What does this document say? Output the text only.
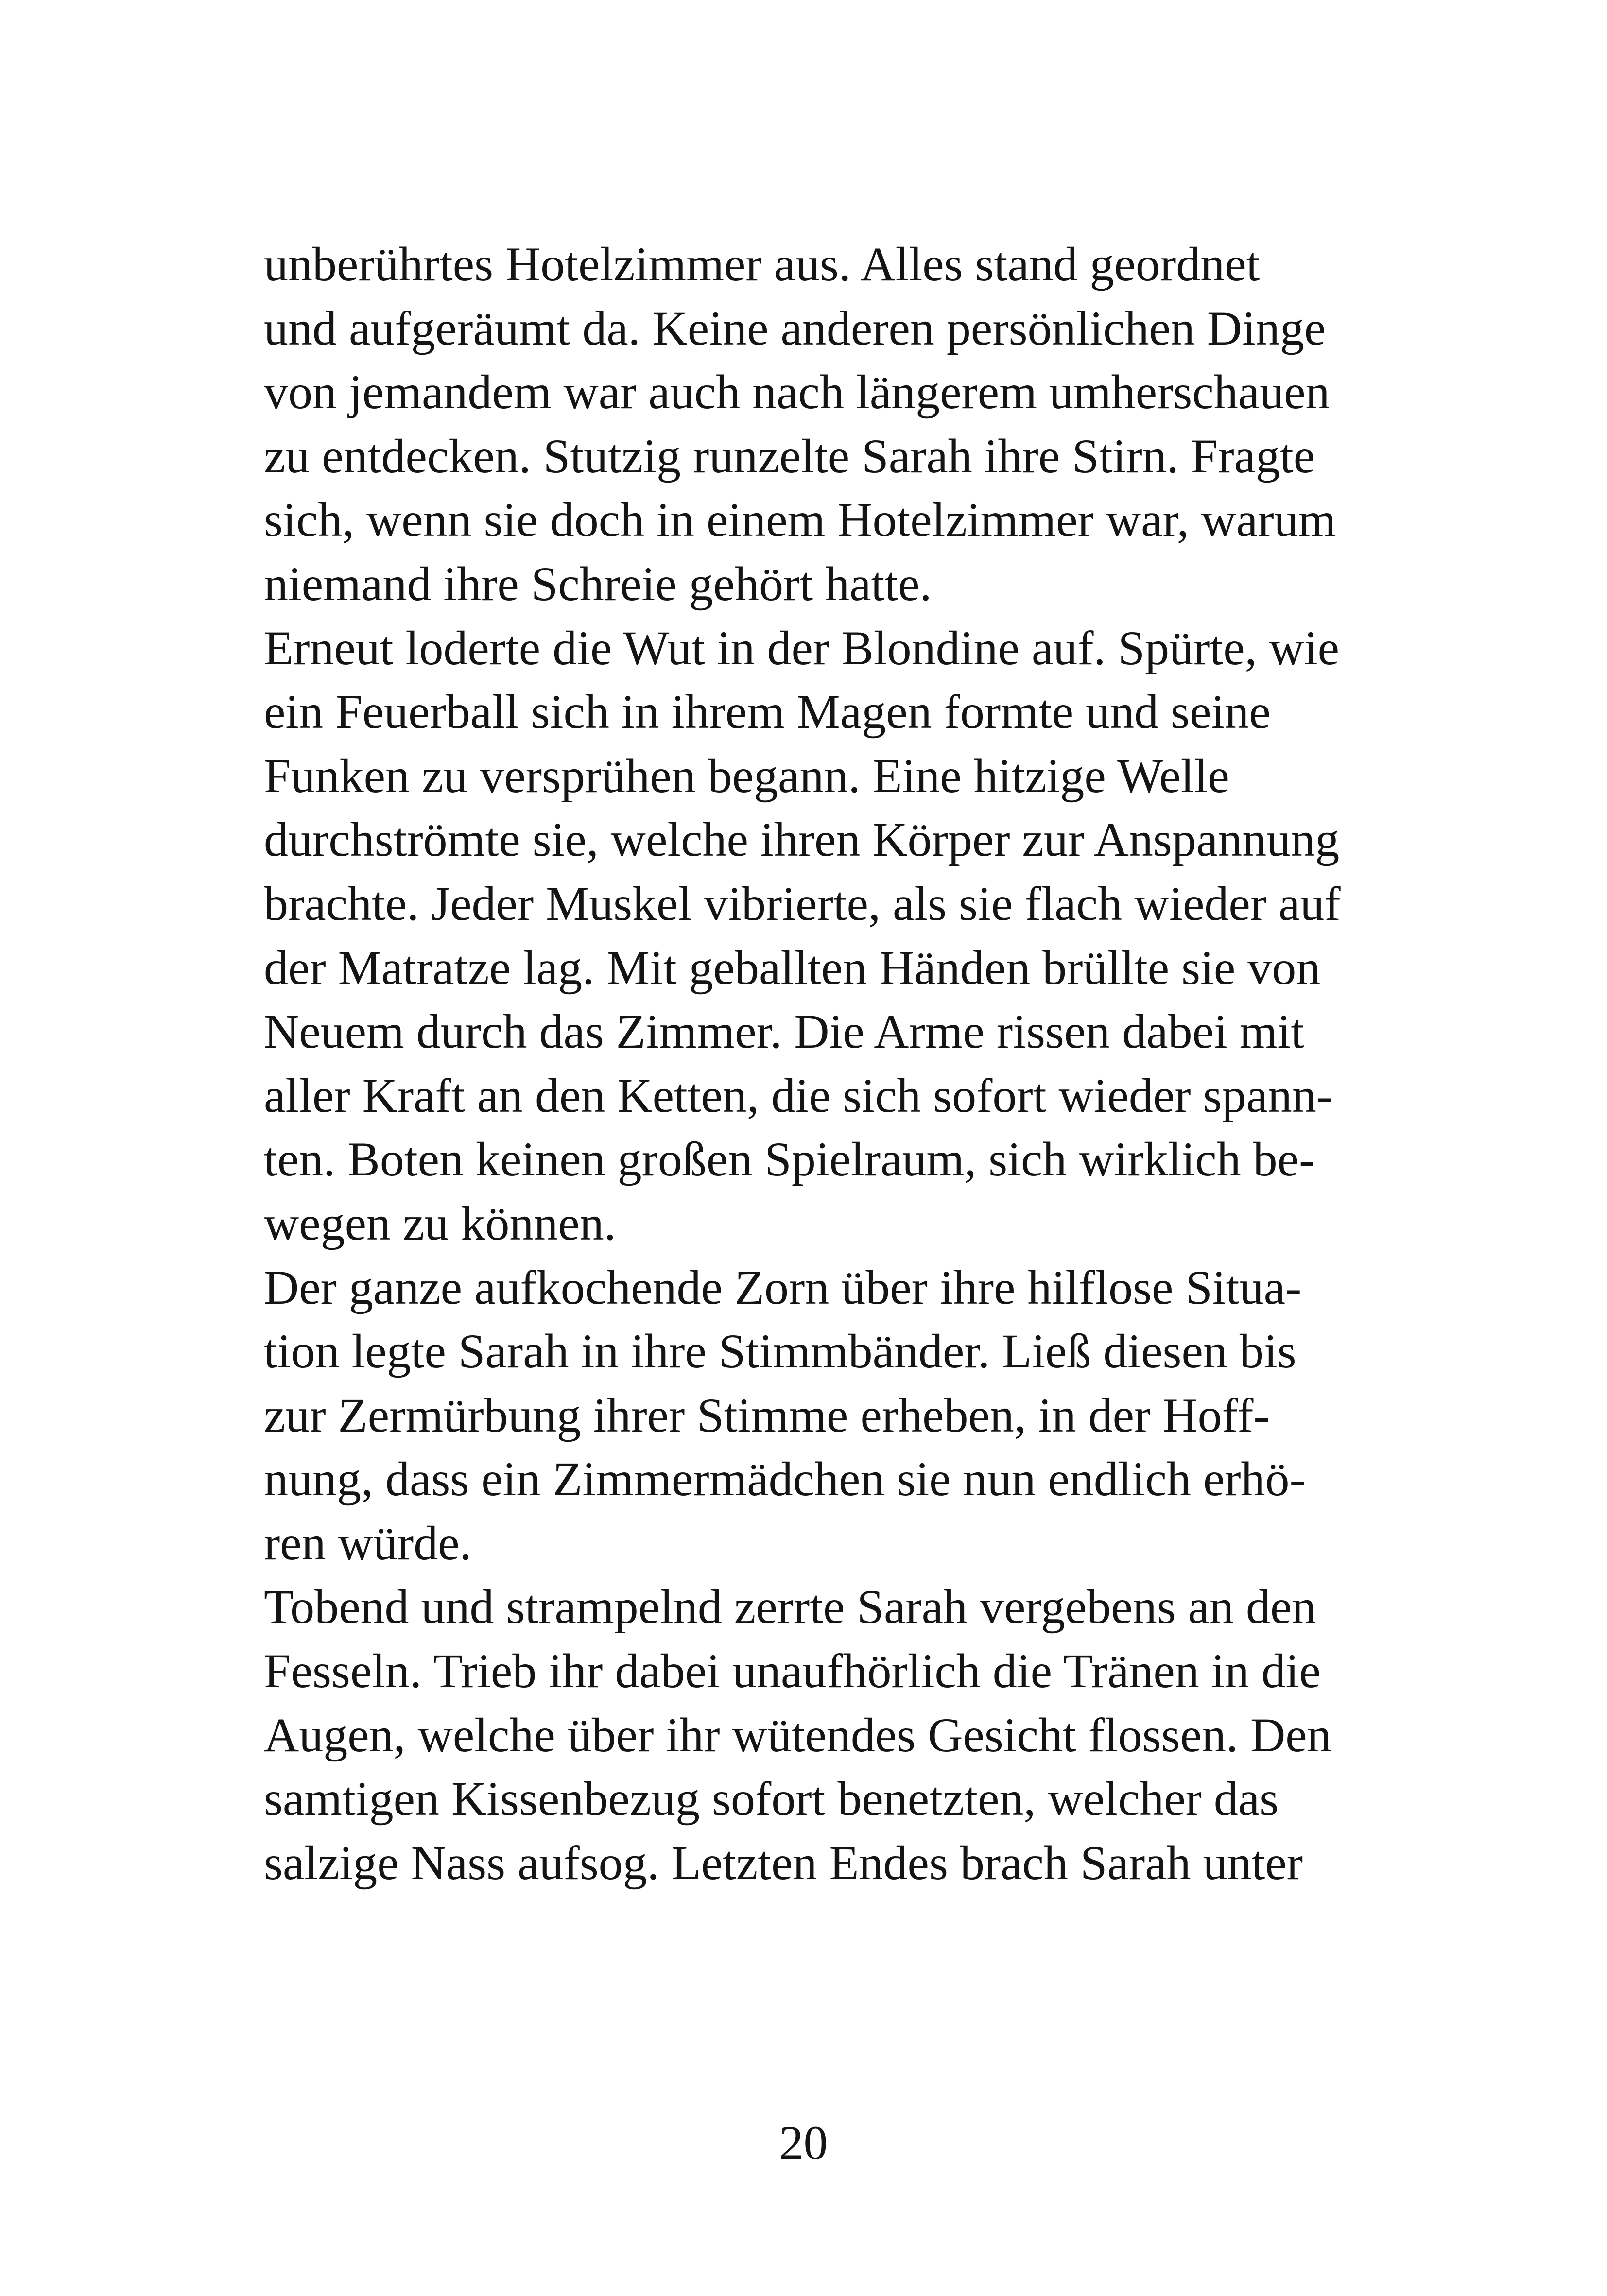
unberührtes Hotelzimmer aus. Alles stand geordnet
und aufgeräumt da. Keine anderen persönlichen Dinge
von jemandem war auch nach längerem umherschauen
zu entdecken. Stutzig runzelte Sarah ihre Stirn. Fragte
sich, wenn sie doch in einem Hotelzimmer war, warum
niemand ihre Schreie gehört hatte.
Erneut loderte die Wut in der Blondine auf. Spürte, wie
ein Feuerball sich in ihrem Magen formte und seine
Funken zu versprühen begann. Eine hitzige Welle
durchströmte sie, welche ihren Körper zur Anspannung
brachte. Jeder Muskel vibrierte, als sie flach wieder auf
der Matratze lag. Mit geballten Händen brüllte sie von
Neuem durch das Zimmer. Die Arme rissen dabei mit
aller Kraft an den Ketten, die sich sofort wieder spann-
ten. Boten keinen großen Spielraum, sich wirklich be-
wegen zu können.
Der ganze aufkochende Zorn über ihre hilflose Situa-
tion legte Sarah in ihre Stimmbänder. Ließ diesen bis
zur Zermürbung ihrer Stimme erheben, in der Hoff-
nung, dass ein Zimmermädchen sie nun endlich erhö-
ren würde.
Tobend und strampelnd zerrte Sarah vergebens an den
Fesseln. Trieb ihr dabei unaufhörlich die Tränen in die
Augen, welche über ihr wütendes Gesicht flossen. Den
samtigen Kissenbezug sofort benetzten, welcher das
salzige Nass aufsog. Letzten Endes brach Sarah unter
20
